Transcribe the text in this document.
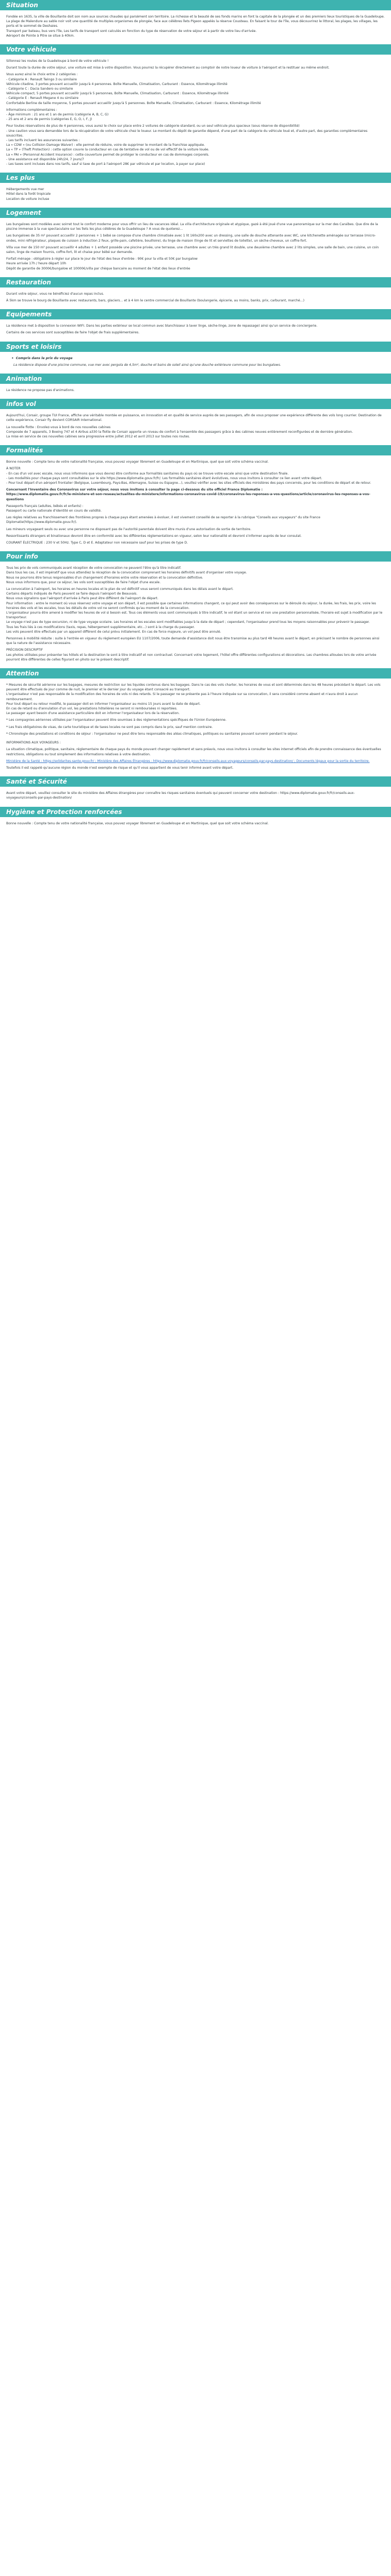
Situation
Fondée en 1635, la ville de Bouillante doit son nom aux sources chaudes qui parsèment son territoire. La richesse et la beauté de ses fonds marins en font la capitale de la plongée et un des premiers lieux touristiques de la Guadeloupe.
La plage de Malendure au sable noir voit une quantité de multiples organismes de plongée, face aux célèbres îlets Pigeon appelés la réserve Cousteau. En faisant le tour de l'île, vous découvrirez le littoral, les plages, les villages, les ports et le sommet de Deshaies.
Transport par bateau, bus vers l'île, Les tarifs de transport sont calculés en fonction du type de réservation de votre séjour et à partir de votre lieu d'arrivée.
Aéroport de Pointe à Pitre se situe à 40km.
Votre véhicule
Sillonnez les routes de la Guadeloupe à bord de votre véhicule !
Durant toute la durée de votre séjour, une voiture est mise à votre disposition. Vous pourrez la récupérer directement au comptoir de notre loueur de voiture à l'aéroport et la restituer au même endroit.
Vous aurez ainsi le choix entre 2 catégories :
- Catégorie A : Renault Twingo 3 ou similaire
Véhicule citadine, 3 portes pouvant accueillir jusqu'à 4 personnes. Boîte Manuelle, Climatisation, Carburant : Essence, Kilométrage illimité
- Catégorie C : Dacia Sandero ou similaire
Véhicule compact, 5 portes pouvant accueillir jusqu'à 5 personnes, Boîte Manuelle, Climatisation, Carburant : Essence, Kilométrage illimité
- Catégorie E : Renault Megane 4 ou similaire
Confortable Berline de taille moyenne, 5 portes pouvant accueillir jusqu'à 5 personnes. Boîte Manuelle, Climatisation, Carburant : Essence, Kilométrage illimité
Informations complémentaires :
- Âge minimum : 21 ans et 1 an de permis (catégorie A, B, C, G)
- 25 ans et 2 ans de permis (catégories E, G, O, I, F, J)
Pour toutes réservations de plus de 4 personnes, vous aurez le choix sur place entre 2 voitures de catégorie standard, ou un seul véhicule plus spacieux (sous réserve de disponibilité)
- Une caution vous sera demandée lors de la récupération de votre véhicule chez le loueur. Le montant du dépôt de garantie dépend, d'une part de la catégorie du véhicule loué et, d'autre part, des garanties complémentaires souscrites.
- Les tarifs incluent les assurances suivantes :
La « CDW » (ou Collision Damage Waiver) : elle permet de réduire, voire de supprimer le montant de la franchise appliquée.
La « TP » (Theft Protection) : cette option couvre la conducteur en cas de tentative de vol ou de vol effectif de la voiture louée.
La « PAI » (Personnal Accident Insurance) : cette couverture permet de protéger le conducteur en cas de dommages corporels.
- Une assistance est disponible 24h/24, 7 jours/7
- Les taxes sont incluses dans nos tarifs, sauf si taxe de port à l'aéroport 28€ par véhicule et par location, à payer sur place)
Les plus
Hébergements vue mer
Hôtel dans la forêt tropicale
Location de voiture incluse
Logement
Les bungalows sont modèles avec soirret tout le confort moderne pour vous offrir un lieu de vacances idéal. La villa d'architecture originale et atypique, gazé à été joué d'une vue panoramique sur la mer des Caraïbes. Que dire de la piscine immense à la vue spectaculaire sur les îlets les plus célèbres de la Guadeloupe ? A vous de quoterez...
Les bungalows de 35 m² pouvant accueillir 2 personnes + 1 bébé se compose d'une chambre climatisée avec 1 lit 160x200 avec un dressing, une salle de douche attenante avec WC, une kitchenette aménagée sur terrasse (micro-ondes, mini réfrigérateur, plaques de cuisson à induction 2 feux, grille-pain, cafetière, bouilloire), du linge de maison (linge de lit et serviettes de toilette), un sèche-cheveux, un coffre-fort.
Villa vue mer de 150 m² pouvant accueillir 4 adultes + 1 enfant possède une piscine privée, une terrasse, une chambre avec un très grand lit double, une deuxième chambre avec 2 lits simples, une salle de bain, une cuisine, un coin salon, linge de maison fournis, coffre-fort, lit et chaise pour bébé sur demande.
Forfait ménage : obligatoire à régler sur place le jour de l'état des lieux d'entrée : 90€ pour la villa et 50€ par bungalow
Heure arrivée 17h / heure départ 10h
Dépôt de garantie de 3000€/bungalow et 10000€/villa par chèque bancaire au moment de l'état des lieux d'entrée
Restauration
Durant votre séjour, vous ne bénéficiez d'aucun repas inclus.
À 5km se trouve le bourg de Bouillante avec restaurants, bars, glaciers... et à 4 km le centre commercial de Bouillante (boulangerie, épicerie, au moins, banks, prix, carburant, marché...)
Equipements
La résidence met à disposition la connexion WIFI. Dans les parties extérieur se local commun avec blanchisseur à laver linge, sèche-linge, zone de repassage) ainsi qu'un service de conciergerie.
Certains de ces services sont susceptibles de faire l'objet de frais supplémentaires.
Sports et loisirs
• Compris dans le prix du voyage
La résidence dispose d'une piscine commune, vue mer avec pergola de 4,5m², douche et bains de soleil ainsi qu'une douche extérieure commune pour les bungalows.
Animation
La résidence ne propose pas d'animations.
infos vol
Aujourd'hui, Corsair, groupe TUI France, affiche une véritable montée en puissance, en innovation et en qualité de service auprès de ses passagers, afin de vous proposer une expérience différente des vols long courrier. Destination de cette expérience, Corsair fly devient CORSAIR International.
La nouvelle flotte : Envolez-vous à bord de nos nouvelles cabines
Composée de 7 appareils, 3 Boeing 747 et 4 Airbus a330 la flotte de Corsair apporte un niveau de confort à l'ensemble des passagers grâce à des cabines neuves entièrement reconfigurées et de dernière génération.
La mise en service de ces nouvelles cabines sera progressive entre juillet 2012 et avril 2013 sur toutes nos routes.
Formalités
Bonne nouvelle : Compte tenu de votre nationalité française, vous pouvez voyager librement en Guadeloupe et en Martinique, quel que soit votre schéma vaccinal.
À NOTER
- En cas d'un vol avec escale, nous vous informons que vous devrez être conforme aux formalités sanitaires du pays où se trouve votre escale ainsi que votre destination finale.
- Les modalités pour chaque pays sont consultables sur le site https://www.diplomatie.gouv.fr/fr/. Les formalités sanitaires étant évolutives, nous vous invitons à consulter ce lien avant votre départ.
- Pour tout départ d'un aéroport frontalier (Belgique, Luxembourg, Pays-Bas, Allemagne, Suisse ou Espagne...), veuillez vérifier avec les sites officiels des ministères des pays concernés, pour les conditions de départ et de retour.
Concernant l'Inventaire des Coronavirus sur votre séjour, nous vous invitons à consulter la page ci-dessous du site officiel France Diplomatie :
https://www.diplomatie.gouv.fr/fr/le-ministere-et-son-reseau/actualites-du-ministere/informations-coronavirus-covid-19/coronavirus-les-reponses-a-vos-questions/article/coronavirus-les-reponses-a-vos-questions
Passeports français (adultes, bébés et enfants) :
Passeport ou carte nationale d'identité en cours de validité.
Les règles relatives au franchissement des frontières propres à chaque pays étant amenées à évoluer, il est vivement conseillé de se reporter à la rubrique "Conseils aux voyageurs" du site France Diplomatie(https://www.diplomatie.gouv.fr/).
Les mineurs voyageant seuls ou avec une personne ne disposant pas de l'autorité parentale doivent être munis d'une autorisation de sortie de territoire.
Ressortissants étrangers et binationaux devront être en conformité avec les différentes réglementations en vigueur, selon leur nationalité et devront s'informer auprès de leur consulat.
COURANT ÉLECTRIQUE : 230 V et 50Hz. Type C, D et E. Adaptateur non nécessaire sauf pour les prises de type D.
Pour info
Tous les prix de vols communiqués avant réception de votre convocation ne peuvent l'être qu'à titre indicatif.
Dans tous les cas, il est impératif que vous attendiez la réception de la convocation comprenant les horaires définitifs avant d'organiser votre voyage.
Nous ne pourrons être tenus responsables d'un changement d'horaires entre votre réservation et la convocation définitive.
Nous vous informons que, pour ce séjour, les vols sont susceptibles de faire l'objet d'une escale.
La convocation à l'aéroport, les horaires en heures locales et le plan de vol définitif vous seront communiqués dans les délais avant le départ.
Certains départs indiqués de Paris peuvent se faire depuis l'aéroport de Beauvais.
Nous vous signalons que l'aéroport d'arrivée à Paris peut être différent de l'aéroport de départ.
Pour information : entre le moment où vous réservez votre voyage et son départ, il est possible que certaines informations changent, ce qui peut avoir des conséquences sur le déroulé du séjour, la durée, les frais, les prix, voire les horaires des vols et les escales, tous les détails de votre vol ne seront confirmés qu'au moment de la convocation.
L'organisateur pourra être amené à modifier les heures de vol si besoin est. Tous ces éléments vous sont communiqués à titre indicatif, le vol étant un service et non une prestation personnalisée, l'horaire est sujet à modification par le transporteur.
Le voyage n'est pas de type excursion, ni de type voyage scolaire. Les horaires et les escales sont modifiables jusqu'à la date de départ ; cependant, l'organisateur prend tous les moyens raisonnables pour prévenir le passager.
Tous les frais liés à ces modifications (taxis, repas, hébergement supplémentaire, etc...) sont à la charge du passager.
Les vols peuvent être effectués par un appareil différent de celui prévu initialement. En cas de force majeure, un vol peut être annulé.
Personnes à mobilité réduite : suite à l'entrée en vigueur du règlement européen EU 1107/2006, toute demande d'assistance doit nous être transmise au plus tard 48 heures avant le départ, en précisant le nombre de personnes ainsi que la nature de l'assistance nécessaire.
PRÉCISION DESCRIPTIF
Les photos utilisées pour présenter les hôtels et la destination le sont à titre indicatif et non contractuel. Concernant votre logement, l'hôtel offre différentes configurations et décorations. Les chambres allouées lors de votre arrivée pourront être différentes de celles figurant en photo sur le présent descriptif.
Attention
* Mesures de sécurité aérienne sur les bagages, mesures de restriction sur les liquides contenus dans les bagages. Dans le cas des vols charter, les horaires de vous et sont déterminés dans les 48 heures précédant le départ. Les vols peuvent être effectués de jour comme de nuit, le premier et le dernier jour du voyage étant consacré au transport.
L'organisateur n'est pas responsable de la modification des horaires de vols ni des retards. Si le passager ne se présente pas à l'heure indiquée sur sa convocation, il sera considéré comme absent et n'aura droit à aucun remboursement.
Pour tout départ ou retour modifié, le passager doit en informer l'organisateur au moins 15 jours avant la date de départ.
En cas de retard ou d'annulation d'un vol, les prestations hôtelières ne seront ni remboursées ni reportées.
Le passager ayant besoin d'une assistance particulière doit en informer l'organisateur lors de la réservation.
* Les compagnies aériennes utilisées par l'organisateur peuvent être soumises à des réglementations spécifiques de l'Union Européenne.
* Les frais obligatoires de visas, de carte touristique et de taxes locales ne sont pas compris dans le prix, sauf mention contraire.
* Chronologie des prestations et conditions de séjour : l'organisateur ne peut être tenu responsable des aléas climatiques, politiques ou sanitaires pouvant survenir pendant le séjour.
INFORMATIONS AUX VOYAGEURS :
La situation climatique, politique, sanitaire, réglementaire de chaque pays du monde pouvant changer rapidement et sans préavis, nous vous invitons à consulter les sites internet officiels afin de prendre connaissance des éventuelles restrictions, obligations ou tout simplement des informations relatives à votre destination.
Ministère de la Santé : https://solidarites-sante.gouv.fr/ ; Ministère des Affaires Étrangères : https://www.diplomatie.gouv.fr/fr/conseils-aux-voyageurs/conseils-par-pays-destination/ ; Documents légaux pour la sortie du territoire.
Toutefois il est rappelé qu'aucune région du monde n'est exempte de risque et qu'il vous appartient de vous tenir informé avant votre départ.
Santé et Sécurité
Avant votre départ, veuillez consulter le site du ministère des Affaires étrangères pour connaître les risques sanitaires éventuels qui peuvent concerner votre destination : https://www.diplomatie.gouv.fr/fr/conseils-aux-voyageurs/conseils-par-pays-destination/
Hygiène et Protection renforcées
Bonne nouvelle : Compte tenu de votre nationalité française, vous pouvez voyager librement en Guadeloupe et en Martinique, quel que soit votre schéma vaccinal.
